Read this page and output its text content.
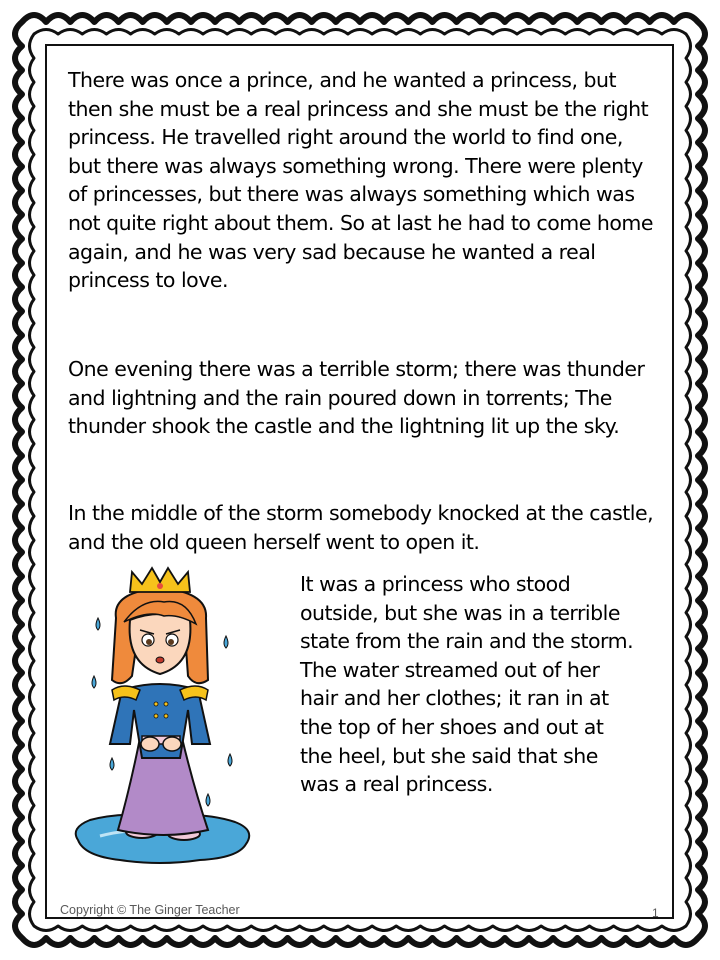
There was once a prince, and he wanted a princess, but then she must be a real princess and she must be the right princess. He travelled right around the world to find one, but there was always something wrong. There were plenty of princesses, but there was always something which was not quite right about them. So at last he had to come home again, and he was very sad because he wanted a real princess to love.

One evening there was a terrible storm; there was thunder and lightning and the rain poured down in torrents; The thunder shook the castle and the lightning lit up the sky.

In the middle of the storm somebody knocked at the castle, and the old queen herself went to open it.

It was a princess who stood outside, but she was in a terrible state from the rain and the storm. The water streamed out of her hair and her clothes; it ran in at the top of her shoes and out at the heel, but she said that she was a real princess.

Copyright © The Ginger Teacher	1
